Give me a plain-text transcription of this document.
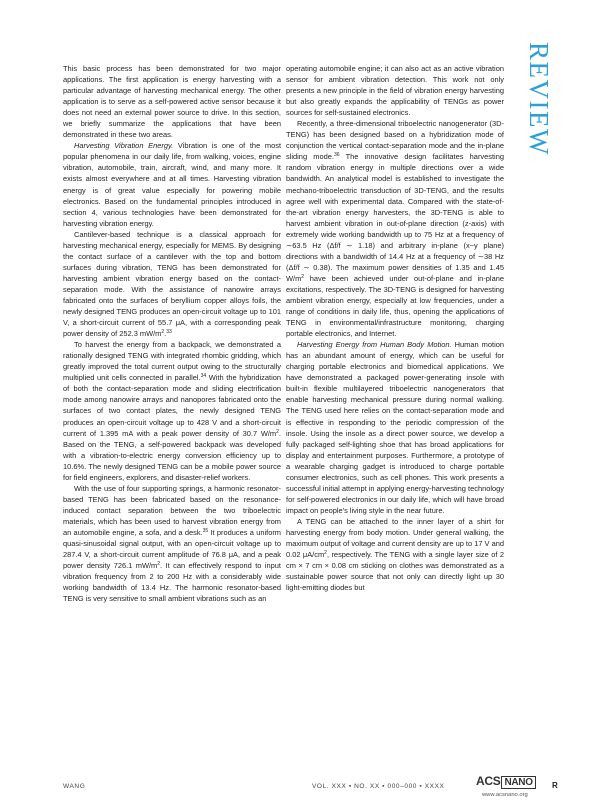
REVIEW

This basic process has been demonstrated for two major applications. The first application is energy harvesting with a particular advantage of harvesting mechanical energy. The other application is to serve as a self-powered active sensor because it does not need an external power source to drive. In this section, we briefly summarize the applications that have been demonstrated in these two areas.

Harvesting Vibration Energy. Vibration is one of the most popular phenomena in our daily life, from walking, voices, engine vibration, automobile, train, aircraft, wind, and many more. It exists almost everywhere and at all times. Harvesting vibration energy is of great value especially for powering mobile electronics. Based on the fundamental principles introduced in section 4, various technologies have been demonstrated for harvesting vibration energy.

Cantilever-based technique is a classical approach for harvesting mechanical energy, especially for MEMS. By designing the contact surface of a cantilever with the top and bottom surfaces during vibration, TENG has been demonstrated for harvesting ambient vibration energy based on the contact-separation mode. With the assistance of nanowire arrays fabricated onto the surfaces of beryllium copper alloys foils, the newly designed TENG produces an open-circuit voltage up to 101 V, a short-circuit current of 55.7 μA, with a corresponding peak power density of 252.3 $mW/m^2.^{33}$

To harvest the energy from a backpack, we demonstrated a rationally designed TENG with integrated rhombic gridding, which greatly improved the total current output owing to the structurally multiplied unit cells connected in parallel.$^{34}$ With the hybridization of both the contact-separation mode and sliding electrification mode among nanowire arrays and nanopores fabricated onto the surfaces of two contact plates, the newly designed TENG produces an open-circuit voltage up to 428 V and a short-circuit current of 1.395 mA with a peak power density of 30.7 $W/m^2$. Based on the TENG, a self-powered backpack was developed with a vibration-to-electric energy conversion efficiency up to 10.6%. The newly designed TENG can be a mobile power source for field engineers, explorers, and disaster-relief workers.

With the use of four supporting springs, a harmonic resonator-based TENG has been fabricated based on the resonance-induced contact separation between the two triboelectric materials, which has been used to harvest vibration energy from an automobile engine, a sofa, and a desk.$^{35}$ It produces a uniform quasi-sinusoidal signal output, with an open-circuit voltage up to 287.4 V, a short-circuit current amplitude of 76.8 μA, and a peak power density 726.1 $mW/m^2$. It can effectively respond to input vibration frequency from 2 to 200 Hz with a considerably wide working bandwidth of 13.4 Hz. The harmonic resonator-based TENG is very sensitive to small ambient vibrations such as an

operating automobile engine; it can also act as an active vibration sensor for ambient vibration detection. This work not only presents a new principle in the field of vibration energy harvesting but also greatly expands the applicability of TENGs as power sources for self-sustained electronics.

Recently, a three-dimensional triboelectric nanogenerator (3D-TENG) has been designed based on a hybridization mode of conjunction the vertical contact-separation mode and the in-plane sliding mode.$^{36}$ The innovative design facilitates harvesting random vibration energy in multiple directions over a wide bandwidth. An analytical model is established to investigate the mechano-triboelectric transduction of 3D-TENG, and the results agree well with experimental data. Compared with the state-of-the-art vibration energy harvesters, the 3D-TENG is able to harvest ambient vibration in out-of-plane direction (z-axis) with extremely wide working bandwidth up to 75 Hz at a frequency of ∼63.5 Hz (Δf/f ∼ 1.18) and arbitrary in-plane (x−y plane) directions with a bandwidth of 14.4 Hz at a frequency of ∼38 Hz (Δf/f ∼ 0.38). The maximum power densities of 1.35 and 1.45 $W/m^2$ have been achieved under out-of-plane and in-plane excitations, respectively. The 3D-TENG is designed for harvesting ambient vibration energy, especially at low frequencies, under a range of conditions in daily life, thus, opening the applications of TENG in environmental/infrastructure monitoring, charging portable electronics, and Internet.

Harvesting Energy from Human Body Motion. Human motion has an abundant amount of energy, which can be useful for charging portable electronics and biomedical applications. We have demonstrated a packaged power-generating insole with built-in flexible multilayered triboelectric nanogenerators that enable harvesting mechanical pressure during normal walking. The TENG used here relies on the contact-separation mode and is effective in responding to the periodic compression of the insole. Using the insole as a direct power source, we develop a fully packaged self-lighting shoe that has broad applications for display and entertainment purposes. Furthermore, a prototype of a wearable charging gadget is introduced to charge portable consumer electronics, such as cell phones. This work presents a successful initial attempt in applying energy-harvesting technology for self-powered electronics in our daily life, which will have broad impact on people's living style in the near future.

A TENG can be attached to the inner layer of a shirt for harvesting energy from body motion. Under general walking, the maximum output of voltage and current density are up to 17 V and 0.02 $\mu A/cm^2$, respectively. The TENG with a single layer size of 2 cm × 7 cm × 0.08 cm sticking on clothes was demonstrated as a sustainable power source that not only can directly light up 30 light-emitting diodes but

WANG	VOL. XXX ▪ NO. XX ▪ 000–000 ▪ XXXX	ACS NANO	R
www.acsnano.org
